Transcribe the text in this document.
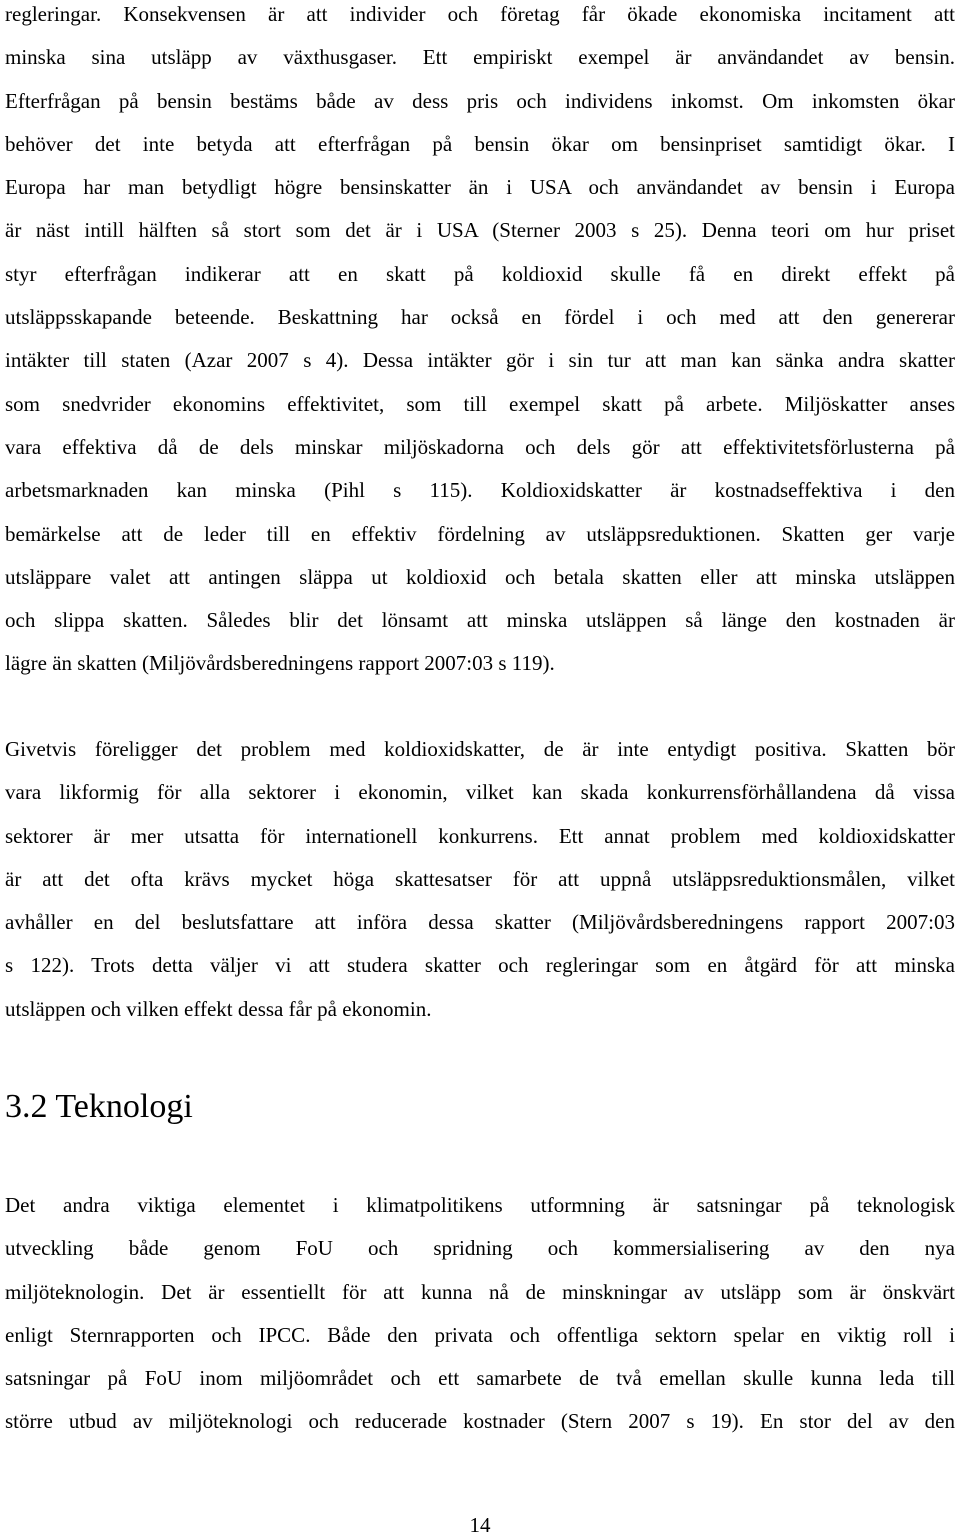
regleringar. Konsekvensen är att individer och företag får ökade ekonomiska incitament att
minska sina utsläpp av växthusgaser. Ett empiriskt exempel är användandet av bensin.
Efterfrågan på bensin bestäms både av dess pris och individens inkomst. Om inkomsten ökar
behöver det inte betyda att efterfrågan på bensin ökar om bensinpriset samtidigt ökar. I
Europa har man betydligt högre bensinskatter än i USA och användandet av bensin i Europa
är näst intill hälften så stort som det är i USA (Sterner 2003 s 25). Denna teori om hur priset
styr efterfrågan indikerar att en skatt på koldioxid skulle få en direkt effekt på
utsläppsskapande beteende. Beskattning har också en fördel i och med att den genererar
intäkter till staten (Azar 2007 s 4). Dessa intäkter gör i sin tur att man kan sänka andra skatter
som snedvrider ekonomins effektivitet, som till exempel skatt på arbete. Miljöskatter anses
vara effektiva då de dels minskar miljöskadorna och dels gör att effektivitetsförlusterna på
arbetsmarknaden kan minska (Pihl s 115). Koldioxidskatter är kostnadseffektiva i den
bemärkelse att de leder till en effektiv fördelning av utsläppsreduktionen. Skatten ger varje
utsläppare valet att antingen släppa ut koldioxid och betala skatten eller att minska utsläppen
och slippa skatten. Således blir det lönsamt att minska utsläppen så länge den kostnaden är
lägre än skatten (Miljövårdsberedningens rapport 2007:03 s 119).
Givetvis föreligger det problem med koldioxidskatter, de är inte entydigt positiva. Skatten bör
vara likformig för alla sektorer i ekonomin, vilket kan skada konkurrensförhållandena då vissa
sektorer är mer utsatta för internationell konkurrens. Ett annat problem med koldioxidskatter
är att det ofta krävs mycket höga skattesatser för att uppnå utsläppsreduktionsmålen, vilket
avhåller en del beslutsfattare att införa dessa skatter (Miljövårdsberedningens rapport 2007:03
s 122). Trots detta väljer vi att studera skatter och regleringar som en åtgärd för att minska
utsläppen och vilken effekt dessa får på ekonomin.
3.2 Teknologi
Det andra viktiga elementet i klimatpolitikens utformning är satsningar på teknologisk
utveckling både genom FoU och spridning och kommersialisering av den nya
miljöteknologin. Det är essentiellt för att kunna nå de minskningar av utsläpp som är önskvärt
enligt Sternrapporten och IPCC. Både den privata och offentliga sektorn spelar en viktig roll i
satsningar på FoU inom miljöområdet och ett samarbete de två emellan skulle kunna leda till
större utbud av miljöteknologi och reducerade kostnader (Stern 2007 s 19). En stor del av den
14
